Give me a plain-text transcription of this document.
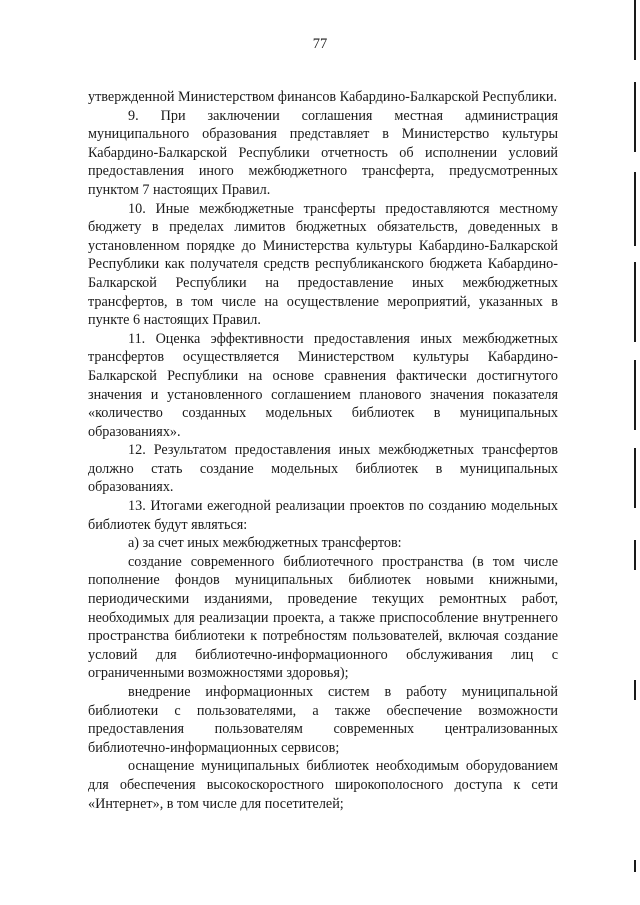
77

утвержденной Министерством финансов Кабардино-Балкарской Республики.

9. При заключении соглашения местная администрация муниципального образования представляет в Министерство культуры Кабардино-Балкарской Республики отчетность об исполнении условий предоставления иного межбюджетного трансферта, предусмотренных пунктом 7 настоящих Правил.

10. Иные межбюджетные трансферты предоставляются местному бюджету в пределах лимитов бюджетных обязательств, доведенных в установленном порядке до Министерства культуры Кабардино-Балкарской Республики как получателя средств республиканского бюджета Кабардино-Балкарской Республики на предоставление иных межбюджетных трансфертов, в том числе на осуществление мероприятий, указанных в пункте 6 настоящих Правил.

11. Оценка эффективности предоставления иных межбюджетных трансфертов осуществляется Министерством культуры Кабардино-Балкарской Республики на основе сравнения фактически достигнутого значения и установленного соглашением планового значения показателя «количество созданных модельных библиотек в муниципальных образованиях».

12. Результатом предоставления иных межбюджетных трансфертов должно стать создание модельных библиотек в муниципальных образованиях.

13. Итогами ежегодной реализации проектов по созданию модельных библиотек будут являться:

а) за счет иных межбюджетных трансфертов:

создание современного библиотечного пространства (в том числе пополнение фондов муниципальных библиотек новыми книжными, периодическими изданиями, проведение текущих ремонтных работ, необходимых для реализации проекта, а также приспособление внутреннего пространства библиотеки к потребностям пользователей, включая создание условий для библиотечно-информационного обслуживания лиц с ограниченными возможностями здоровья);

внедрение информационных систем в работу муниципальной библиотеки с пользователями, а также обеспечение возможности предоставления пользователям современных централизованных библиотечно-информационных сервисов;

оснащение муниципальных библиотек необходимым оборудованием для обеспечения высокоскоростного широкополосного доступа к сети «Интернет», в том числе для посетителей;
